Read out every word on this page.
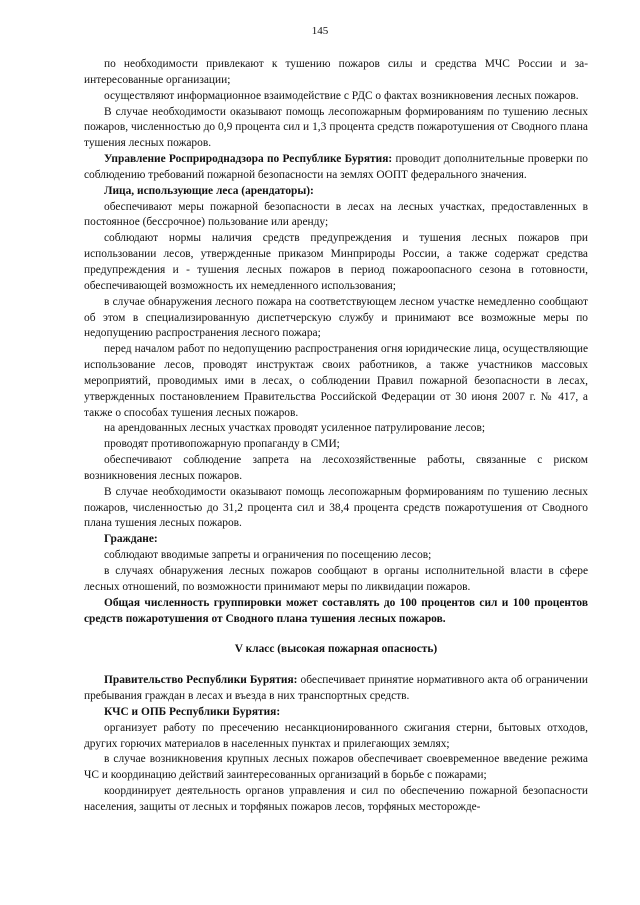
145

по необходимости привлекают к тушению пожаров силы и средства МЧС России и заинтересованные организации;

осуществляют информационное взаимодействие с РДС о фактах возникновения лесных пожаров.

В случае необходимости оказывают помощь лесопожарным формированиям по тушению лесных пожаров, численностью до 0,9 процента сил и 1,3 процента средств пожаротушения от Сводного плана тушения лесных пожаров.

Управление Росприроднадзора по Республике Бурятия: проводит дополнительные проверки по соблюдению требований пожарной безопасности на землях ООПТ федерального значения.

Лица, использующие леса (арендаторы):

обеспечивают меры пожарной безопасности в лесах на лесных участках, предоставленных в постоянное (бессрочное) пользование или аренду;

соблюдают нормы наличия средств предупреждения и тушения лесных пожаров при использовании лесов, утвержденные приказом Минприроды России, а также содержат средства предупреждения и - тушения лесных пожаров в период пожароопасного сезона в готовности, обеспечивающей возможность их немедленного использования;

в случае обнаружения лесного пожара на соответствующем лесном участке немедленно сообщают об этом в специализированную диспетчерскую службу и принимают все возможные меры по недопущению распространения лесного пожара;

перед началом работ по недопущению распространения огня юридические лица, осуществляющие использование лесов, проводят инструктаж своих работников, а также участников массовых мероприятий, проводимых ими в лесах, о соблюдении Правил пожарной безопасности в лесах, утвержденных постановлением Правительства Российской Федерации от 30 июня 2007 г. № 417, а также о способах тушения лесных пожаров.

на арендованных лесных участках проводят усиленное патрулирование лесов;

проводят противопожарную пропаганду в СМИ;

обеспечивают соблюдение запрета на лесохозяйственные работы, связанные с риском возникновения лесных пожаров.

В случае необходимости оказывают помощь лесопожарным формированиям по тушению лесных пожаров, численностью до 31,2 процента сил и 38,4 процента средств пожаротушения от Сводного плана тушения лесных пожаров.

Граждане:

соблюдают вводимые запреты и ограничения по посещению лесов;

в случаях обнаружения лесных пожаров сообщают в органы исполнительной власти в сфере лесных отношений, по возможности принимают меры по ликвидации пожаров.

Общая численность группировки может составлять до 100 процентов сил и 100 процентов средств пожаротушения от Сводного плана тушения лесных пожаров.

V класс (высокая пожарная опасность)

Правительство Республики Бурятия: обеспечивает принятие нормативного акта об ограничении пребывания граждан в лесах и въезда в них транспортных средств.

КЧС и ОПБ Республики Бурятия:

организует работу по пресечению несанкционированного сжигания стерни, бытовых отходов, других горючих материалов в населенных пунктах и прилегающих землях;

в случае возникновения крупных лесных пожаров обеспечивает своевременное введение режима ЧС и координацию действий заинтересованных организаций в борьбе с пожарами;

координирует деятельность органов управления и сил по обеспечению пожарной безопасности населения, защиты от лесных и торфяных пожаров лесов, торфяных месторожде-
